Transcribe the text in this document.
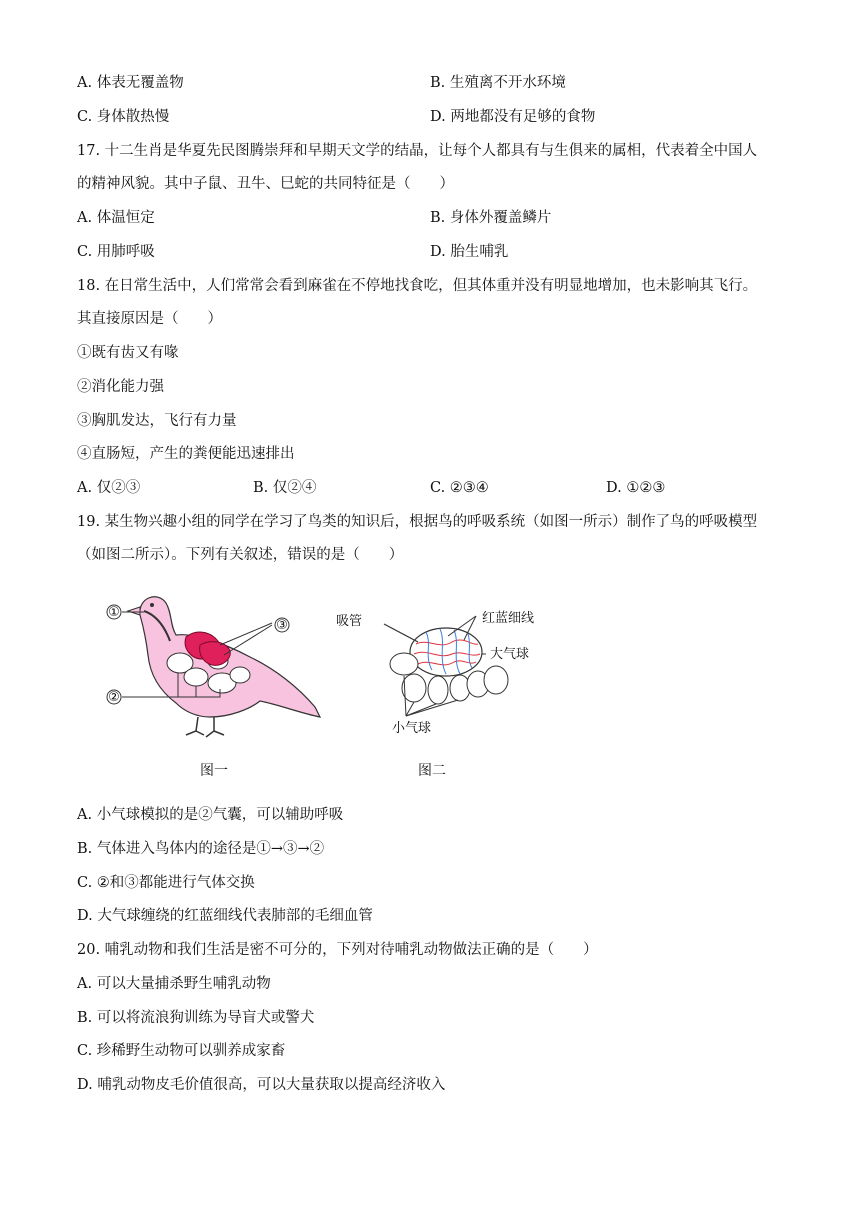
A. 体表无覆盖物	B. 生殖离不开水环境
C. 身体散热慢	D. 两地都没有足够的食物
17. 十二生肖是华夏先民图腾崇拜和早期天文学的结晶，让每个人都具有与生俱来的属相，代表着全中国人
的精神风貌。其中子鼠、丑牛、巳蛇的共同特征是（　　）
A. 体温恒定	B. 身体外覆盖鳞片
C. 用肺呼吸	D. 胎生哺乳
18. 在日常生活中，人们常常会看到麻雀在不停地找食吃，但其体重并没有明显地增加，也未影响其飞行。
其直接原因是（　　）
①既有齿又有喙
②消化能力强
③胸肌发达，飞行有力量
④直肠短，产生的粪便能迅速排出
A. 仅②③	B. 仅②④	C. ②③④	D. ①②③
19. 某生物兴趣小组的同学在学习了鸟类的知识后，根据鸟的呼吸系统（如图一所示）制作了鸟的呼吸模型
（如图二所示）。下列有关叙述，错误的是（　　）
①
②
③
图一
吸管	红蓝细线
大气球
小气球
图二
A. 小气球模拟的是②气囊，可以辅助呼吸
B. 气体进入鸟体内的途径是①→③→②
C. ②和③都能进行气体交换
D. 大气球缠绕的红蓝细线代表肺部的毛细血管
20. 哺乳动物和我们生活是密不可分的，下列对待哺乳动物做法正确的是（　　）
A. 可以大量捕杀野生哺乳动物
B. 可以将流浪狗训练为导盲犬或警犬
C. 珍稀野生动物可以驯养成家畜
D. 哺乳动物皮毛价值很高，可以大量获取以提高经济收入
